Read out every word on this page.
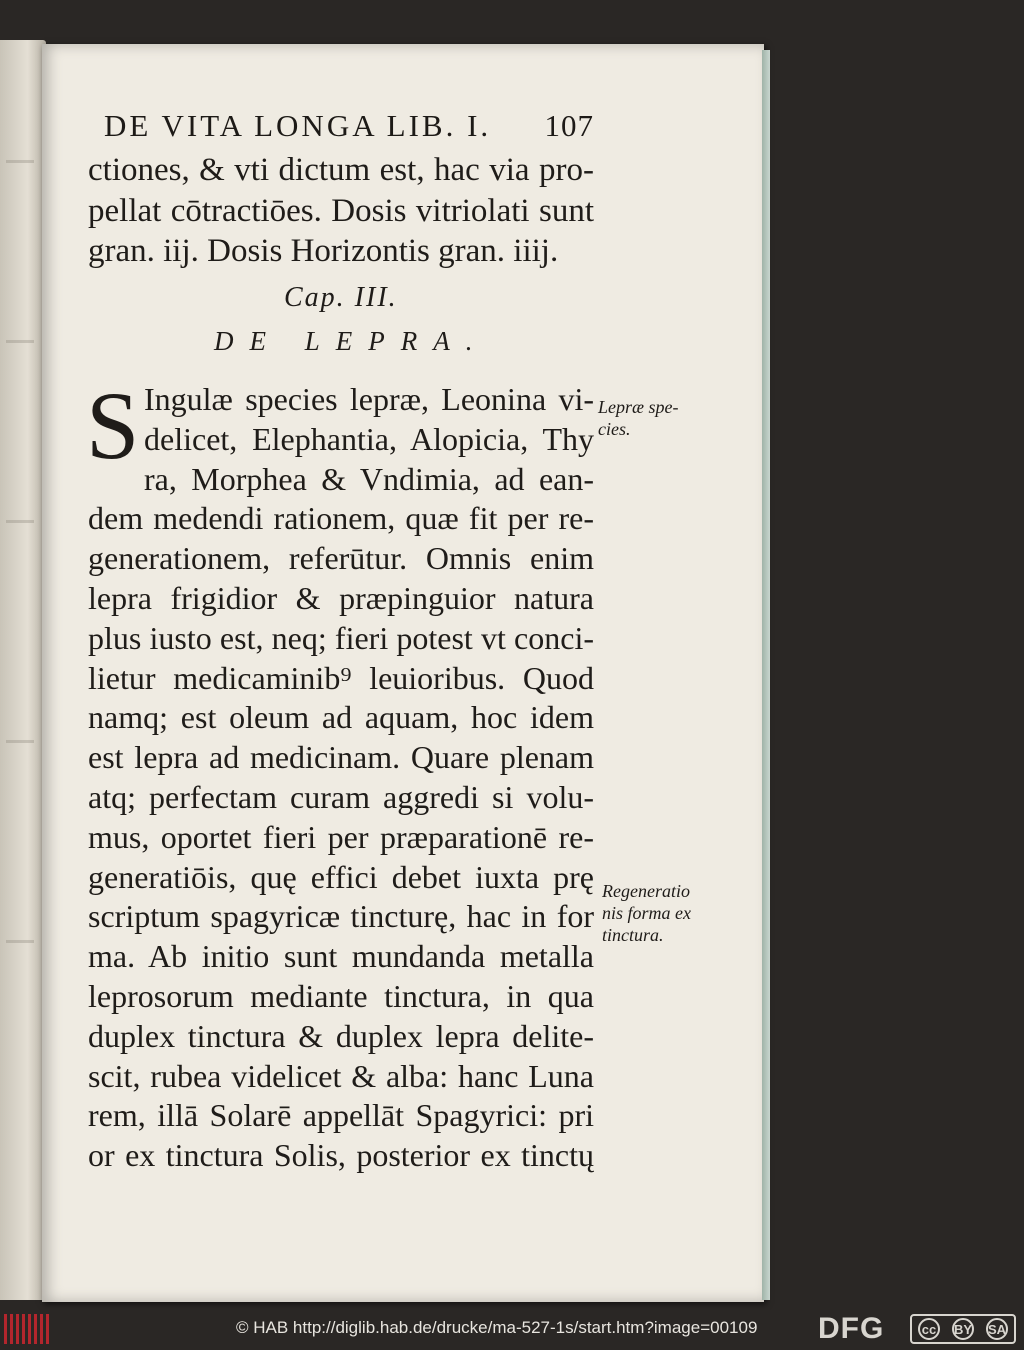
DE VITA LONGA LIB. I. 107
ctiones, & vti dictum est, hac via pro-
pellat cōtractiōes. Dosis vitriolati sunt
gran. iij. Dosis Horizontis gran. iiij.
Cap. III.
DE LEPRA.
S Ingulæ species lepræ, Leonina vi-
delicet, Elephantia, Alopicia, Thy
ra, Morphea & Vndimia, ad ean-
dem medendi rationem, quæ fit per re-
generationem, referūtur. Omnis enim
lepra frigidior & præpinguior natura
plus iusto est, neq; fieri potest vt conci-
lietur medicaminib⁹ leuioribus. Quod
namq; est oleum ad aquam, hoc idem
est lepra ad medicinam. Quare plenam
atq; perfectam curam aggredi si volu-
mus, oportet fieri per præparationē re-
generatiōis, quę effici debet iuxta prę
scriptum spagyricæ tincturę, hac in for
ma. Ab initio sunt mundanda metalla
leprosorum mediante tinctura, in qua
duplex tinctura & duplex lepra delite-
scit, rubea videlicet & alba: hanc Luna
rem, illā Solarē appellāt Spagyrici: pri
or ex tinctura Solis, posterior ex tinctų
Lepræ spe-
cies.
Regeneratio
nis forma ex
tinctura.
© HAB http://diglib.hab.de/drucke/ma-527-1s/start.htm?image=00109 DFG	cc BY SA
